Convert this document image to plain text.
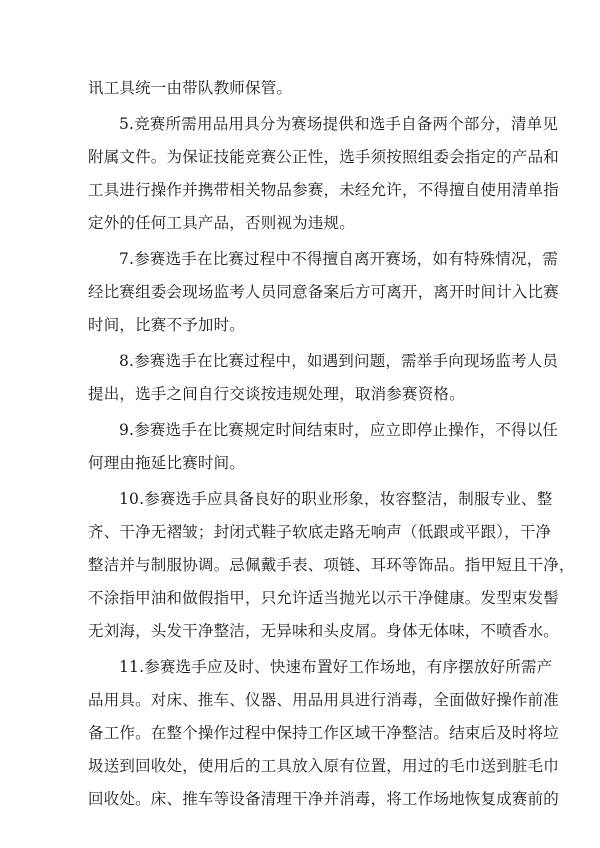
讯工具统一由带队教师保管。
5.竞赛所需用品用具分为赛场提供和选手自备两个部分，清单见
附属文件。为保证技能竞赛公正性，选手须按照组委会指定的产品和
工具进行操作并携带相关物品参赛，未经允许，不得擅自使用清单指
定外的任何工具产品，否则视为违规。
7.参赛选手在比赛过程中不得擅自离开赛场，如有特殊情况，需
经比赛组委会现场监考人员同意备案后方可离开，离开时间计入比赛
时间，比赛不予加时。
8.参赛选手在比赛过程中，如遇到问题，需举手向现场监考人员
提出，选手之间自行交谈按违规处理，取消参赛资格。
9.参赛选手在比赛规定时间结束时，应立即停止操作，不得以任
何理由拖延比赛时间。
10.参赛选手应具备良好的职业形象，妆容整洁，制服专业、整
齐、干净无褶皱；封闭式鞋子软底走路无响声（低跟或平跟），干净
整洁并与制服协调。忌佩戴手表、项链、耳环等饰品。指甲短且干净，
不涂指甲油和做假指甲，只允许适当抛光以示干净健康。发型束发髻
无刘海，头发干净整洁，无异味和头皮屑。身体无体味，不喷香水。
11.参赛选手应及时、快速布置好工作场地，有序摆放好所需产
品用具。对床、推车、仪器、用品用具进行消毒，全面做好操作前准
备工作。在整个操作过程中保持工作区域干净整洁。结束后及时将垃
圾送到回收处，使用后的工具放入原有位置，用过的毛巾送到脏毛巾
回收处。床、推车等设备清理干净并消毒，将工作场地恢复成赛前的
